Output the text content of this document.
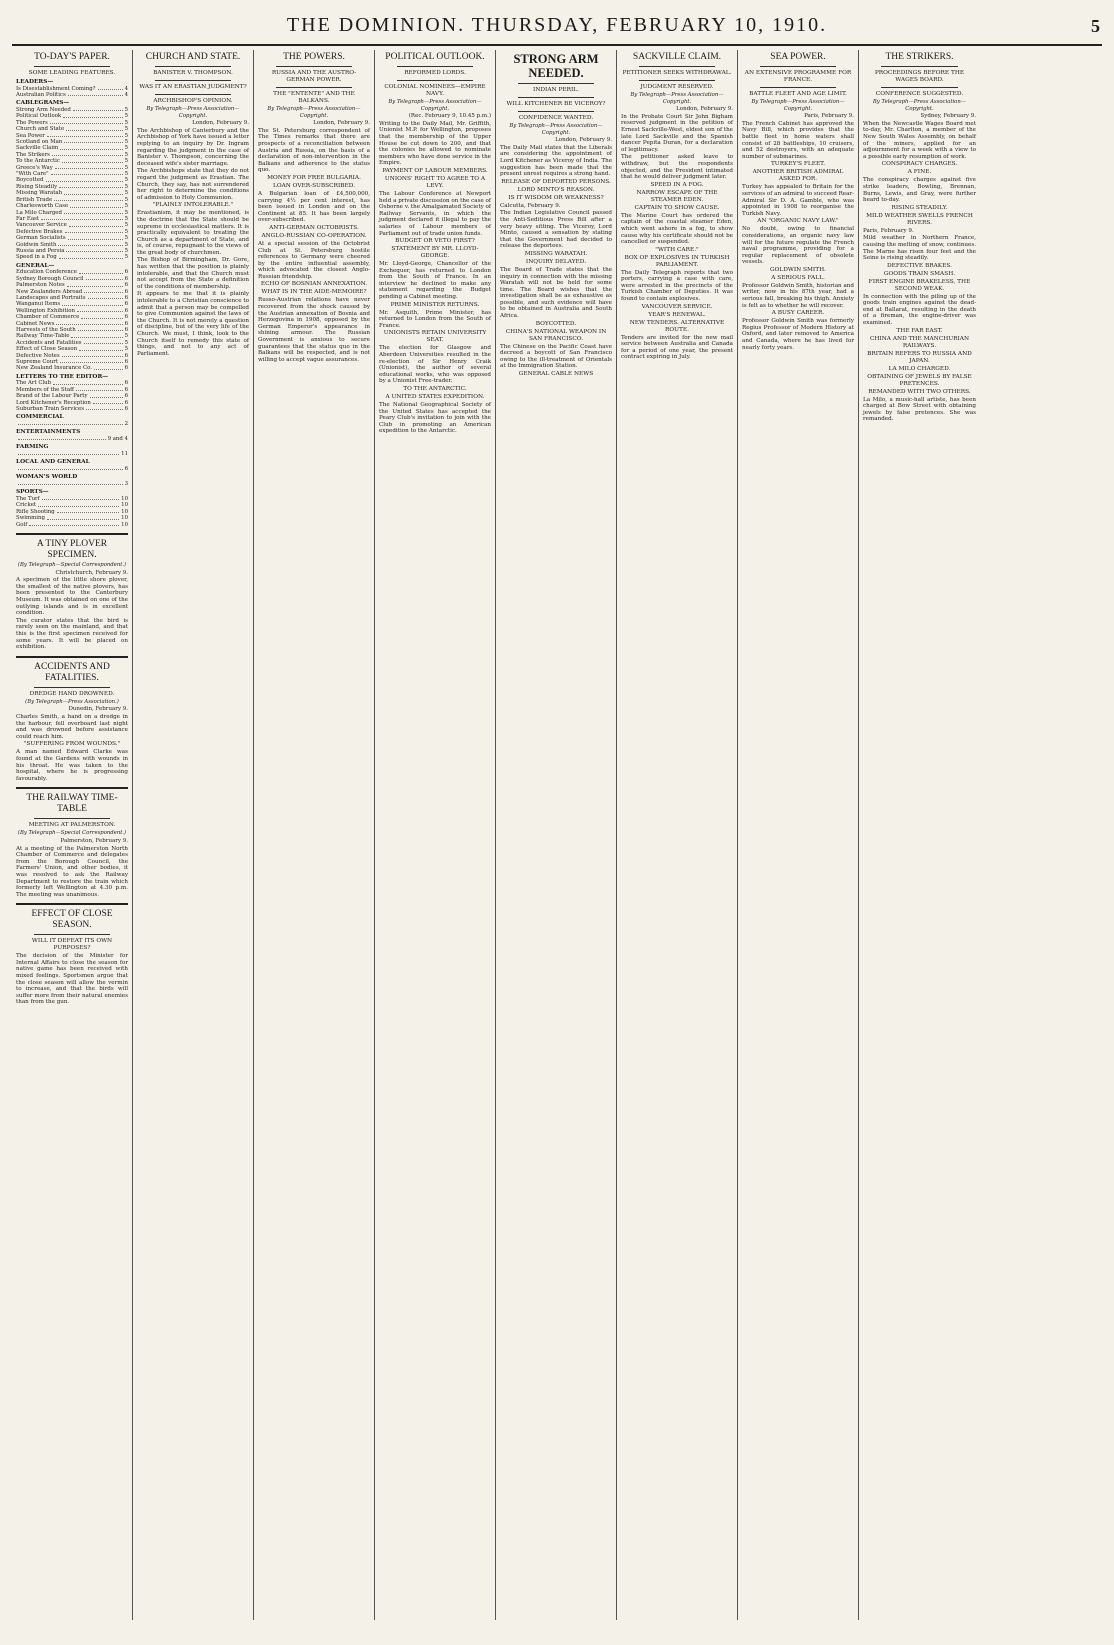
THE DOMINION. THURSDAY, FEBRUARY 10, 1910.	5
TO-DAY'S PAPER.
SOME LEADING FEATURES.
LEADERS—
Is Disestablishment Coming?	4
Australian Politics	4
CABLEGRAMS—
Strong Arm Needed	5
Political Outlook	5
The Powers	5
Church and State	5
Sea Power	5
Scotland on Man	5
Sackville Claim	5
The Strikers	5
To the Antarctic	5
Greece's Way	5
"With Care"	5
Boycotted	5
Rising Steadily	5
Missing Waratah	5
British Trade	5
Charlesworth Case	5
La Milo Charged	5
Far East	5
Vancouver Service	5
Defective Brakes	5
German Socialists	5
Goldwin Smith	5
Russia and Persia	5
Speed in a Fog	5
GENERAL—
Education Conference	6
Sydney Borough Council	6
Palmerston Notes	6
New Zealanders Abroad	6
Landscapes and Portraits	6
Wanganui Items	6
Wellington Exhibition	6
Chamber of Commerce	6
Cabinet News	6
Harvests of the South	6
Railway Time-Table	5
Accidents and Fatalities	5
Effect of Close Season	5
Defective Notes	6
Supreme Court	6
New Zealand Insurance Co.	6
LETTERS TO THE EDITOR—
The Art Club	6
Members of the Staff	6
Brand of the Labour Party	6
Lord Kitchener's Reception	6
Suburban Train Services	6
COMMERCIAL
2
ENTERTAINMENTS
9 and 4
FARMING
11
LOCAL AND GENERAL
6
WOMAN'S WORLD
3
SPORTS—
The Turf	10
Cricket	10
Rifle Shooting	10
Swimming	10
Golf	10
A TINY PLOVER SPECIMEN.
(By Telegraph—Special Correspondent.)
Christchurch, February 9.
A specimen of the little shore plover, the smallest of the native plovers, has been presented to the Canterbury Museum. It was obtained on one of the outlying islands and is in excellent condition.
The curator states that the bird is rarely seen on the mainland, and that this is the first specimen received for some years. It will be placed on exhibition.
ACCIDENTS AND FATALITIES.
DREDGE HAND DROWNED.
(By Telegraph—Press Association.)
Dunedin, February 9.
Charles Smith, a hand on a dredge in the harbour, fell overboard last night and was drowned before assistance could reach him.
"SUFFERING FROM WOUNDS."
A man named Edward Clarke was found at the Gardens with wounds in his throat. He was taken to the hospital, where he is progressing favourably.
THE RAILWAY TIME-TABLE
MEETING AT PALMERSTON.
(By Telegraph—Special Correspondent.)
Palmerston, February 9.
At a meeting of the Palmerston North Chamber of Commerce and delegates from the Borough Council, the Farmers' Union, and other bodies, it was resolved to ask the Railway Department to restore the train which formerly left Wellington at 4.30 p.m. The meeting was unanimous.
EFFECT OF CLOSE SEASON.
WILL IT DEFEAT ITS OWN PURPOSES?
The decision of the Minister for Internal Affairs to close the season for native game has been received with mixed feelings. Sportsmen argue that the close season will allow the vermin to increase, and that the birds will suffer more from their natural enemies than from the gun.
CHURCH AND STATE.
BANISTER V. THOMPSON.
WAS IT AN ERASTIAN JUDGMENT?
ARCHBISHOP'S OPINION.
By Telegraph—Press Association—Copyright.
London, February 9.
The Archbishop of Canterbury and the Archbishop of York have issued a letter replying to an inquiry by Dr. Ingram regarding the judgment in the case of Banister v. Thompson, concerning the deceased wife's sister marriage.
The Archbishops state that they do not regard the judgment as Erastian. The Church, they say, has not surrendered her right to determine the conditions of admission to Holy Communion.
"PLAINLY INTOLERABLE."
Erastianism, it may be mentioned, is the doctrine that the State should be supreme in ecclesiastical matters. It is practically equivalent to treating the Church as a department of State, and is, of course, repugnant to the views of the great body of churchmen.
The Bishop of Birmingham, Dr. Gore, has written that the position is plainly intolerable, and that the Church must not accept from the State a definition of the conditions of membership.
It appears to me that it is plainly intolerable to a Christian conscience to admit that a person may be compelled to give Communion against the laws of the Church. It is not merely a question of discipline, but of the very life of the Church. We must, I think, look to the Church itself to remedy this state of things, and not to any act of Parliament.
THE POWERS.
RUSSIA AND THE AUSTRO-GERMAN POWER.
THE "ENTENTE" AND THE BALKANS.
By Telegraph—Press Association—Copyright.
London, February 9.
The St. Petersburg correspondent of The Times remarks that there are prospects of a reconciliation between Austria and Russia, on the basis of a declaration of non-intervention in the Balkans and adherence to the status quo.
MONEY FOR FREE BULGARIA.
LOAN OVER-SUBSCRIBED.
A Bulgarian loan of £4,500,000, carrying 4½ per cent interest, has been issued in London and on the Continent at 85. It has been largely over-subscribed.
ANTI-GERMAN OCTOBRISTS.
ANGLO-RUSSIAN CO-OPERATION.
At a special session of the Octobrist Club at St. Petersburg hostile references to Germany were cheered by the entire influential assembly, which advocated the closest Anglo-Russian friendship.
ECHO OF BOSNIAN ANNEXATION.
WHAT IS IN THE AIDE-MEMOIRE?
Russo-Austrian relations have never recovered from the shock caused by the Austrian annexation of Bosnia and Herzegovina in 1908, opposed by the German Emperor's appearance in shining armour. The Russian Government is anxious to secure guarantees that the status quo in the Balkans will be respected, and is not willing to accept vague assurances.
POLITICAL OUTLOOK.
REFORMED LORDS.
COLONIAL NOMINEES—EMPIRE NAVY.
By Telegraph—Press Association—Copyright.
(Rec. February 9, 10.45 p.m.)
Writing to the Daily Mail, Mr. Griffith, Unionist M.P. for Wellington, proposes that the membership of the Upper House be cut down to 200, and that the colonies be allowed to nominate members who have done service in the Empire.
PAYMENT OF LABOUR MEMBERS.
UNIONS' RIGHT TO AGREE TO A LEVY.
The Labour Conference at Newport held a private discussion on the case of Osborne v. the Amalgamated Society of Railway Servants, in which the judgment declared it illegal to pay the salaries of Labour members of Parliament out of trade union funds.
BUDGET OR VETO FIRST?
STATEMENT BY MR. LLOYD-GEORGE.
Mr. Lloyd-George, Chancellor of the Exchequer, has returned to London from the South of France. In an interview he declined to make any statement regarding the Budget pending a Cabinet meeting.
PRIME MINISTER RETURNS.
Mr. Asquith, Prime Minister, has returned to London from the South of France.
UNIONISTS RETAIN UNIVERSITY SEAT.
The election for Glasgow and Aberdeen Universities resulted in the re-election of Sir Henry Craik (Unionist), the author of several educational works, who was opposed by a Unionist Free-trader.
TO THE ANTARCTIC.
A UNITED STATES EXPEDITION.
The National Geographical Society of the United States has accepted the Peary Club's invitation to join with the Club in promoting an American expedition to the Antarctic.
STRONG ARM NEEDED.
INDIAN PERIL.
WILL KITCHENER BE VICEROY?
CONFIDENCE WANTED.
By Telegraph—Press Association—Copyright.
London, February 9.
The Daily Mail states that the Liberals are considering the appointment of Lord Kitchener as Viceroy of India. The suggestion has been made that the present unrest requires a strong hand.
RELEASE OF DEPORTED PERSONS.
LORD MINTO'S REASON.
IS IT WISDOM OR WEAKNESS?
Calcutta, February 9.
The Indian Legislative Council passed the Anti-Seditious Press Bill after a very heavy sitting. The Viceroy, Lord Minto, caused a sensation by stating that the Government had decided to release the deportees.
MISSING WARATAH.
INQUIRY DELAYED.
The Board of Trade states that the inquiry in connection with the missing Waratah will not be held for some time. The Board wishes that the investigation shall be as exhaustive as possible, and such evidence will have to be obtained in Australia and South Africa.
BOYCOTTED.
CHINA'S NATIONAL WEAPON IN SAN FRANCISCO.
The Chinese on the Pacific Coast have decreed a boycott of San Francisco owing to the ill-treatment of Orientals at the Immigration Station.
GENERAL CABLE NEWS
SACKVILLE CLAIM.
PETITIONER SEEKS WITHDRAWAL.
JUDGMENT RESERVED.
By Telegraph—Press Association—Copyright.
London, February 9.
In the Probate Court Sir John Bigham reserved judgment in the petition of Ernest Sackville-West, eldest son of the late Lord Sackville and the Spanish dancer Pepita Duran, for a declaration of legitimacy.
The petitioner asked leave to withdraw, but the respondents objected, and the President intimated that he would deliver judgment later.
SPEED IN A FOG.
NARROW ESCAPE OF THE STEAMER EDEN.
CAPTAIN TO SHOW CAUSE.
The Marine Court has ordered the captain of the coastal steamer Eden, which went ashore in a fog, to show cause why his certificate should not be cancelled or suspended.
"WITH CARE."
BOX OF EXPLOSIVES IN TURKISH PARLIAMENT.
The Daily Telegraph reports that two porters, carrying a case with care, were arrested in the precincts of the Turkish Chamber of Deputies. It was found to contain explosives.
VANCOUVER SERVICE.
YEAR'S RENEWAL.
NEW TENDERS. ALTERNATIVE ROUTE.
Tenders are invited for the new mail service between Australia and Canada for a period of one year, the present contract expiring in July.
SEA POWER.
AN EXTENSIVE PROGRAMME FOR FRANCE.
BATTLE FLEET AND AGE LIMIT.
By Telegraph—Press Association—Copyright.
Paris, February 9.
The French Cabinet has approved the Navy Bill, which provides that the battle fleet in home waters shall consist of 28 battleships, 10 cruisers, and 52 destroyers, with an adequate number of submarines.
TURKEY'S FLEET.
ANOTHER BRITISH ADMIRAL ASKED FOR.
Turkey has appealed to Britain for the services of an admiral to succeed Rear-Admiral Sir D. A. Gamble, who was appointed in 1908 to reorganise the Turkish Navy.
AN "ORGANIC NAVY LAW."
No doubt, owing to financial considerations, an organic navy law will for the future regulate the French naval programme, providing for a regular replacement of obsolete vessels.
GOLDWIN SMITH.
A SERIOUS FALL.
Professor Goldwin Smith, historian and writer, now in his 87th year, had a serious fall, breaking his thigh. Anxiety is felt as to whether he will recover.
A BUSY CAREER.
Professor Goldwin Smith was formerly Regius Professor of Modern History at Oxford, and later removed to America and Canada, where he has lived for nearly forty years.
THE STRIKERS.
PROCEEDINGS BEFORE THE WAGES BOARD.
CONFERENCE SUGGESTED.
By Telegraph—Press Association—Copyright.
Sydney, February 9.
When the Newcastle Wages Board met to-day, Mr. Charlton, a member of the New South Wales Assembly, on behalf of the miners, applied for an adjournment for a week with a view to a possible early resumption of work.
CONSPIRACY CHARGES.
A FINE.
The conspiracy charges against five strike leaders, Bowling, Brennan, Burns, Lewis, and Gray, were further heard to-day.
RISING STEADILY.
MILD WEATHER SWELLS FRENCH RIVERS.
Paris, February 9.
Mild weather in Northern France, causing the melting of snow, continues. The Marne has risen four feet and the Seine is rising steadily.
DEFECTIVE BRAKES.
GOODS TRAIN SMASH.
FIRST ENGINE BRAKELESS, THE SECOND WEAK.
In connection with the piling up of the goods train engines against the dead-end at Ballarat, resulting in the death of a fireman, the engine-driver was examined.
THE FAR EAST.
CHINA AND THE MANCHURIAN RAILWAYS.
BRITAIN REFERS TO RUSSIA AND JAPAN.
LA MILO CHARGED.
OBTAINING OF JEWELS BY FALSE PRETENCES.
REMANDED WITH TWO OTHERS.
La Milo, a music-hall artiste, has been charged at Bow Street with obtaining jewels by false pretences. She was remanded.
